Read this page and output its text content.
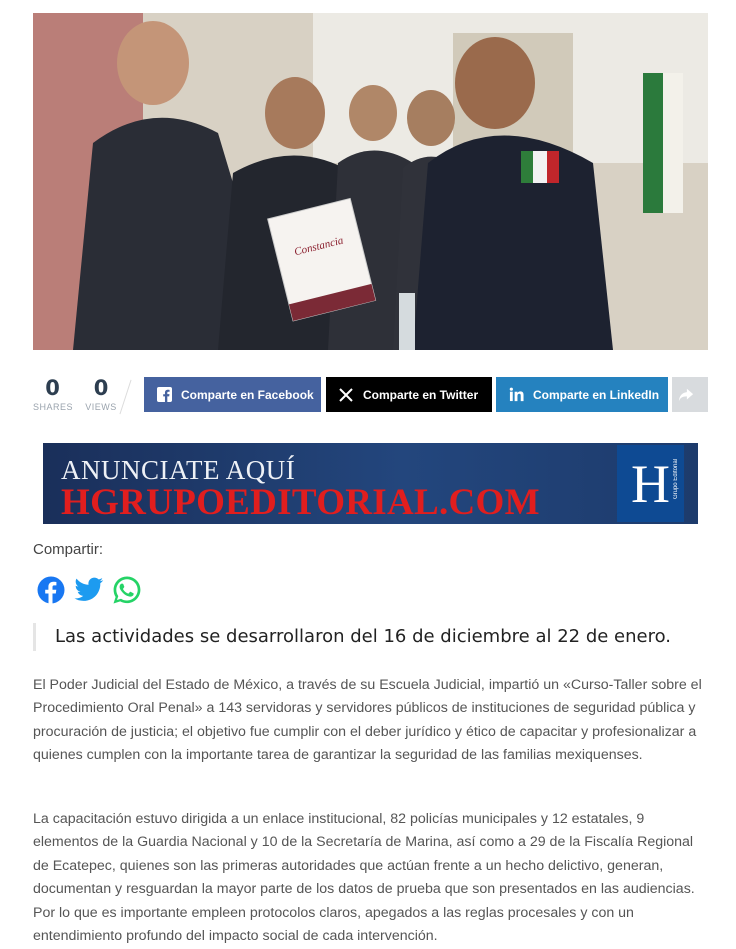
Constancia
0
SHARES
0
VIEWS
Comparte en Facebook	Comparte en Twitter	Comparte en LinkedIn
ANUNCIATE AQUÍ
HGRUPOEDITORIAL.COM H Grupo Editorial
Compartir:
Las actividades se desarrollaron del 16 de diciembre al 22 de enero.

El Poder Judicial del Estado de México, a través de su Escuela Judicial, impartió un «Curso-Taller sobre el Procedimiento Oral Penal» a 143 servidoras y servidores públicos de instituciones de seguridad pública y procuración de justicia; el objetivo fue cumplir con el deber jurídico y ético de capacitar y profesionalizar a quienes cumplen con la importante tarea de garantizar la seguridad de las familias mexiquenses.

La capacitación estuvo dirigida a un enlace institucional, 82 policías municipales y 12 estatales, 9 elementos de la Guardia Nacional y 10 de la Secretaría de Marina, así como a 29 de la Fiscalía Regional de Ecatepec, quienes son las primeras autoridades que actúan frente a un hecho delictivo, generan, documentan y resguardan la mayor parte de los datos de prueba que son presentados en las audiencias. Por lo que es importante empleen protocolos claros, apegados a las reglas procesales y con un entendimiento profundo del impacto social de cada intervención.
